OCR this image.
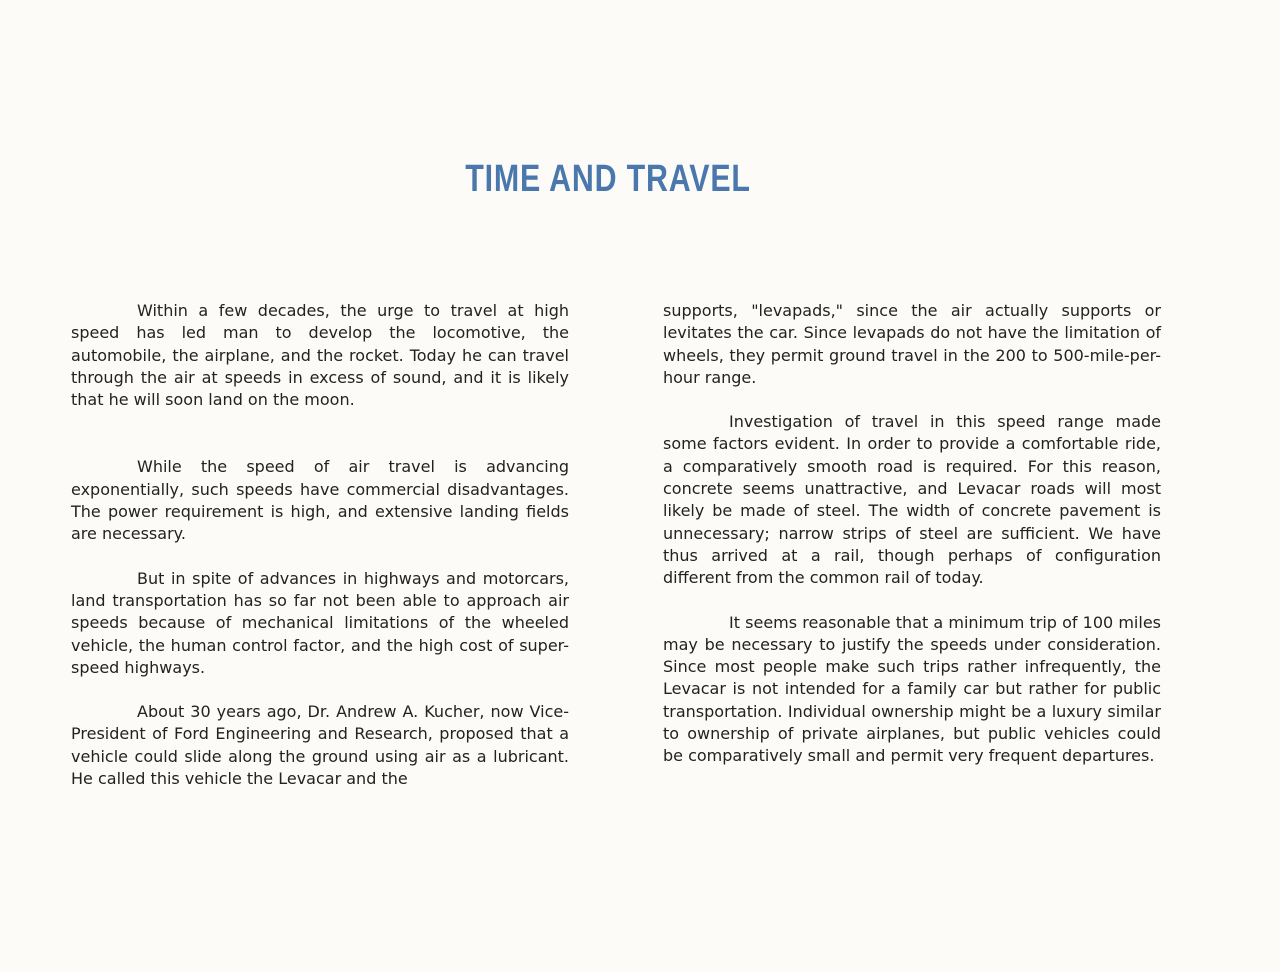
TIME AND TRAVEL

Within a few decades, the urge to travel at high speed has led man to develop the locomotive, the automobile, the airplane, and the rocket. Today he can travel through the air at speeds in excess of sound, and it is likely that he will soon land on the moon.

While the speed of air travel is advancing exponentially, such speeds have commercial disadvantages. The power requirement is high, and extensive landing fields are necessary.

But in spite of advances in highways and motorcars, land transportation has so far not been able to approach air speeds because of mechanical limitations of the wheeled vehicle, the human control factor, and the high cost of super-speed highways.

About 30 years ago, Dr. Andrew A. Kucher, now Vice-President of Ford Engineering and Research, proposed that a vehicle could slide along the ground using air as a lubricant. He called this vehicle the Levacar and the

supports, "levapads," since the air actually supports or levitates the car. Since levapads do not have the limitation of wheels, they permit ground travel in the 200 to 500-mile-per-hour range.

Investigation of travel in this speed range made some factors evident. In order to provide a comfortable ride, a comparatively smooth road is required. For this reason, concrete seems unattractive, and Levacar roads will most likely be made of steel. The width of concrete pavement is unnecessary; narrow strips of steel are sufficient. We have thus arrived at a rail, though perhaps of configuration different from the common rail of today.

It seems reasonable that a minimum trip of 100 miles may be necessary to justify the speeds under consideration. Since most people make such trips rather infrequently, the Levacar is not intended for a family car but rather for public transportation. Individual ownership might be a luxury similar to ownership of private airplanes, but public vehicles could be comparatively small and permit very frequent departures.
